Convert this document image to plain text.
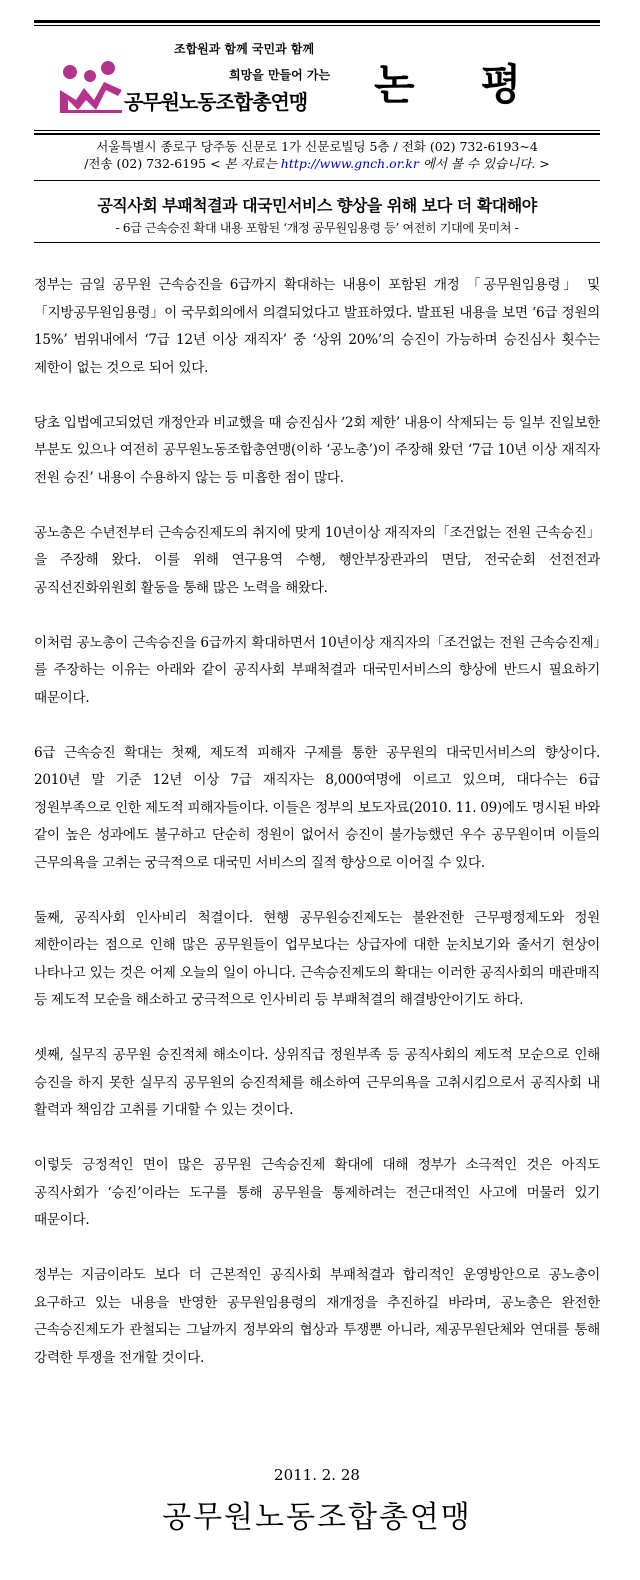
조합원과 함께 국민과 함께
희망을 만들어 가는
공무원노동조합총연맹 논평
서울특별시 종로구 당주동 신문로 1가 신문로빌딩 5층 / 전화 (02) 732-6193~4
/전송 (02) 732-6195 < 본 자료는 http://www.gnch.or.kr 에서 볼 수 있습니다. >
공직사회 부패척결과 대국민서비스 향상을 위해 보다 더 확대해야
- 6급 근속승진 확대 내용 포함된 ‘개정 공무원임용령 등’ 여전히 기대에 못미쳐 -

정부는 금일 공무원 근속승진을 6급까지 확대하는 내용이 포함된 개정 「공무원임용령」 및 「지방공무원임용령」이 국무회의에서 의결되었다고 발표하였다. 발표된 내용을 보면 ‘6급 정원의 15%’ 범위내에서 ‘7급 12년 이상 재직자’ 중 ‘상위 20%’의 승진이 가능하며 승진심사 횟수는 제한이 없는 것으로 되어 있다.

당초 입법예고되었던 개정안과 비교했을 때 승진심사 ‘2회 제한’ 내용이 삭제되는 등 일부 진일보한 부분도 있으나 여전히 공무원노동조합총연맹(이하 ‘공노총’)이 주장해 왔던 ‘7급 10년 이상 재직자 전원 승진’ 내용이 수용하지 않는 등 미흡한 점이 많다.

공노총은 수년전부터 근속승진제도의 취지에 맞게 10년이상 재직자의「조건없는 전원 근속승진」을 주장해 왔다. 이를 위해 연구용역 수행, 행안부장관과의 면담, 전국순회 선전전과 공직선진화위원회 활동을 통해 많은 노력을 해왔다.

이처럼 공노총이 근속승진을 6급까지 확대하면서 10년이상 재직자의「조건없는 전원 근속승진제」를 주장하는 이유는 아래와 같이 공직사회 부패척결과 대국민서비스의 향상에 반드시 필요하기 때문이다.

6급 근속승진 확대는 첫째, 제도적 피해자 구제를 통한 공무원의 대국민서비스의 향상이다. 2010년 말 기준 12년 이상 7급 재직자는 8,000여명에 이르고 있으며, 대다수는 6급 정원부족으로 인한 제도적 피해자들이다. 이들은 정부의 보도자료(2010. 11. 09)에도 명시된 바와 같이 높은 성과에도 불구하고 단순히 정원이 없어서 승진이 불가능했던 우수 공무원이며 이들의 근무의욕을 고취는 궁극적으로 대국민 서비스의 질적 향상으로 이어질 수 있다.

둘째, 공직사회 인사비리 척결이다. 현행 공무원승진제도는 불완전한 근무평정제도와 정원 제한이라는 점으로 인해 많은 공무원들이 업무보다는 상급자에 대한 눈치보기와 줄서기 현상이 나타나고 있는 것은 어제 오늘의 일이 아니다. 근속승진제도의 확대는 이러한 공직사회의 매관매직 등 제도적 모순을 해소하고 궁극적으로 인사비리 등 부패척결의 해결방안이기도 하다.

셋째, 실무직 공무원 승진적체 해소이다. 상위직급 정원부족 등 공직사회의 제도적 모순으로 인해 승진을 하지 못한 실무직 공무원의 승진적체를 해소하여 근무의욕을 고취시킴으로서 공직사회 내 활력과 책임감 고취를 기대할 수 있는 것이다.

이렇듯 긍정적인 면이 많은 공무원 근속승진제 확대에 대해 정부가 소극적인 것은 아직도 공직사회가 ‘승진’이라는 도구를 통해 공무원을 통제하려는 전근대적인 사고에 머물러 있기 때문이다.

정부는 지금이라도 보다 더 근본적인 공직사회 부패척결과 합리적인 운영방안으로 공노총이 요구하고 있는 내용을 반영한 공무원임용령의 재개정을 추진하길 바라며, 공노총은 완전한 근속승진제도가 관철되는 그날까지 정부와의 협상과 투쟁뿐 아니라, 제공무원단체와 연대를 통해 강력한 투쟁을 전개할 것이다.

2011. 2. 28
공무원노동조합총연맹
